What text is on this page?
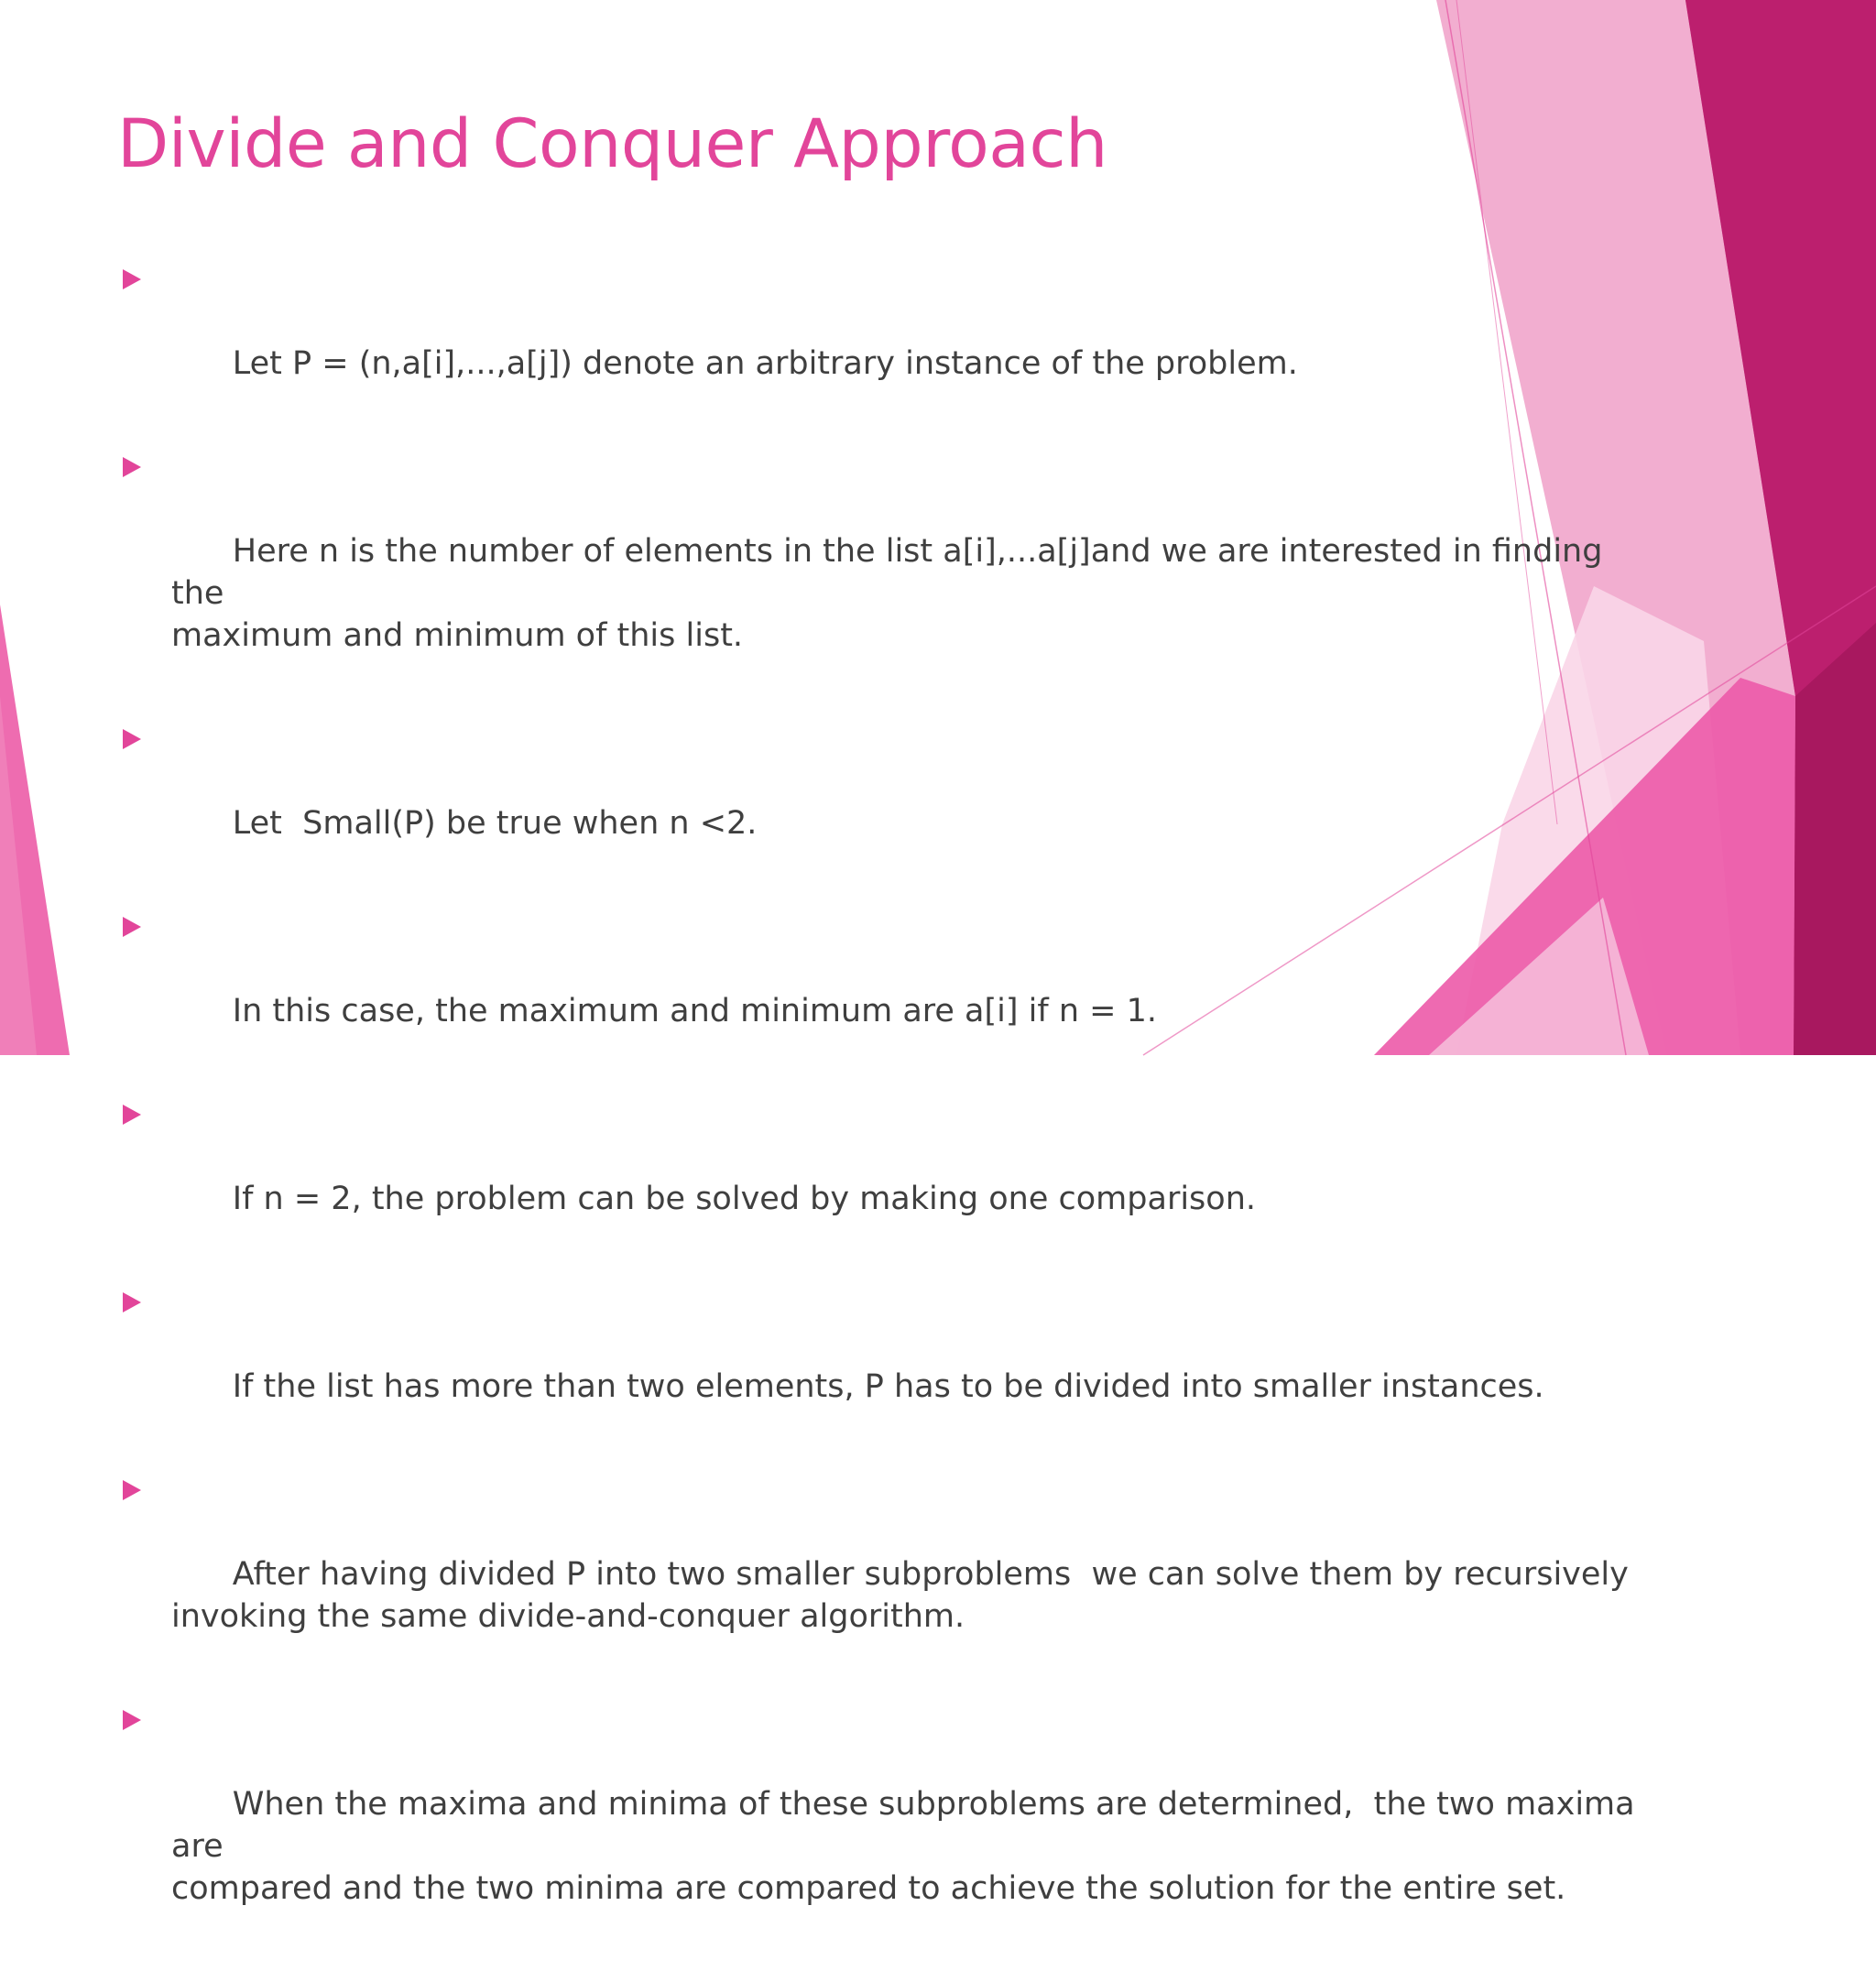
Divide and Conquer Approach

Let P = (n,a[i],...,a[j]) denote an arbitrary instance of the problem.

Here n is the number of elements in the list a[i],...a[j]and we are interested in finding the
maximum and minimum of this list.

Let  Small(P) be true when n <2.

In this case, the maximum and minimum are a[i] if n = 1.

If n = 2, the problem can be solved by making one comparison.

If the list has more than two elements, P has to be divided into smaller instances.

After having divided P into two smaller subproblems  we can solve them by recursively
invoking the same divide-and-conquer algorithm.

When the maxima and minima of these subproblems are determined,  the two maxima are
compared and the two minima are compared to achieve the solution for the entire set.
